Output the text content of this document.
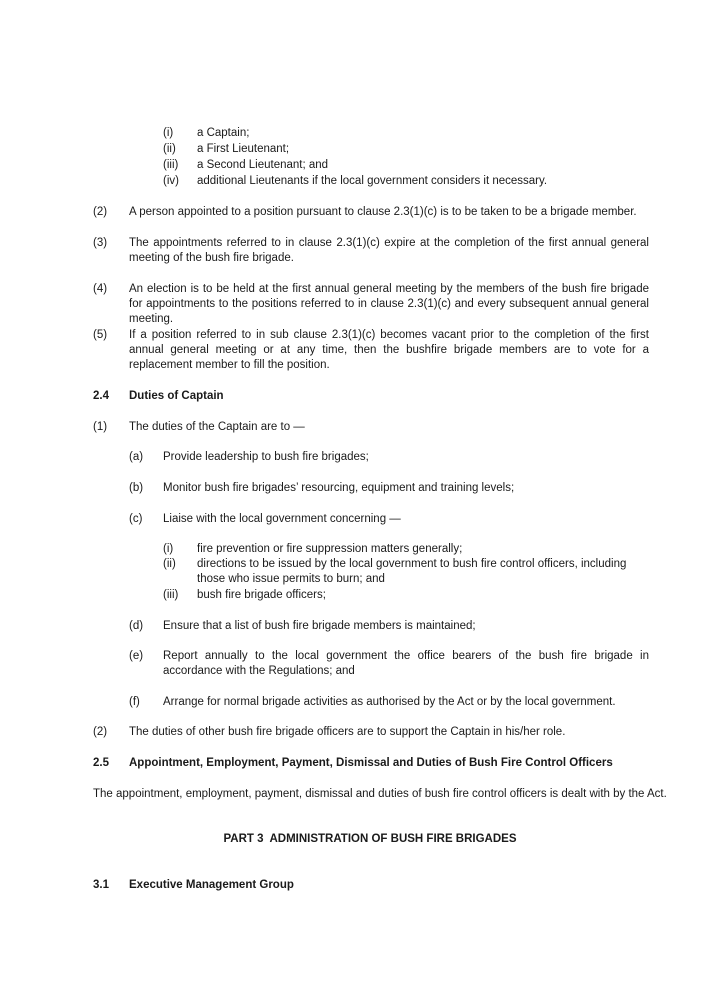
(i) a Captain;
(ii) a First Lieutenant;
(iii) a Second Lieutenant; and
(iv) additional Lieutenants if the local government considers it necessary.
(2) A person appointed to a position pursuant to clause 2.3(1)(c) is to be taken to be a brigade member.
(3) The appointments referred to in clause 2.3(1)(c) expire at the completion of the first annual general meeting of the bush fire brigade.
(4) An election is to be held at the first annual general meeting by the members of the bush fire brigade for appointments to the positions referred to in clause 2.3(1)(c) and every subsequent annual general meeting.
(5) If a position referred to in sub clause 2.3(1)(c) becomes vacant prior to the completion of the first annual general meeting or at any time, then the bushfire brigade members are to vote for a replacement member to fill the position.
2.4 Duties of Captain
(1) The duties of the Captain are to —
(a) Provide leadership to bush fire brigades;
(b) Monitor bush fire brigades’ resourcing, equipment and training levels;
(c) Liaise with the local government concerning —
(i) fire prevention or fire suppression matters generally;
(ii) directions to be issued by the local government to bush fire control officers, including those who issue permits to burn; and
(iii) bush fire brigade officers;
(d) Ensure that a list of bush fire brigade members is maintained;
(e) Report annually to the local government the office bearers of the bush fire brigade in accordance with the Regulations; and
(f) Arrange for normal brigade activities as authorised by the Act or by the local government.
(2) The duties of other bush fire brigade officers are to support the Captain in his/her role.
2.5 Appointment, Employment, Payment, Dismissal and Duties of Bush Fire Control Officers
The appointment, employment, payment, dismissal and duties of bush fire control officers is dealt with by the Act.
PART 3  ADMINISTRATION OF BUSH FIRE BRIGADES
3.1 Executive Management Group
